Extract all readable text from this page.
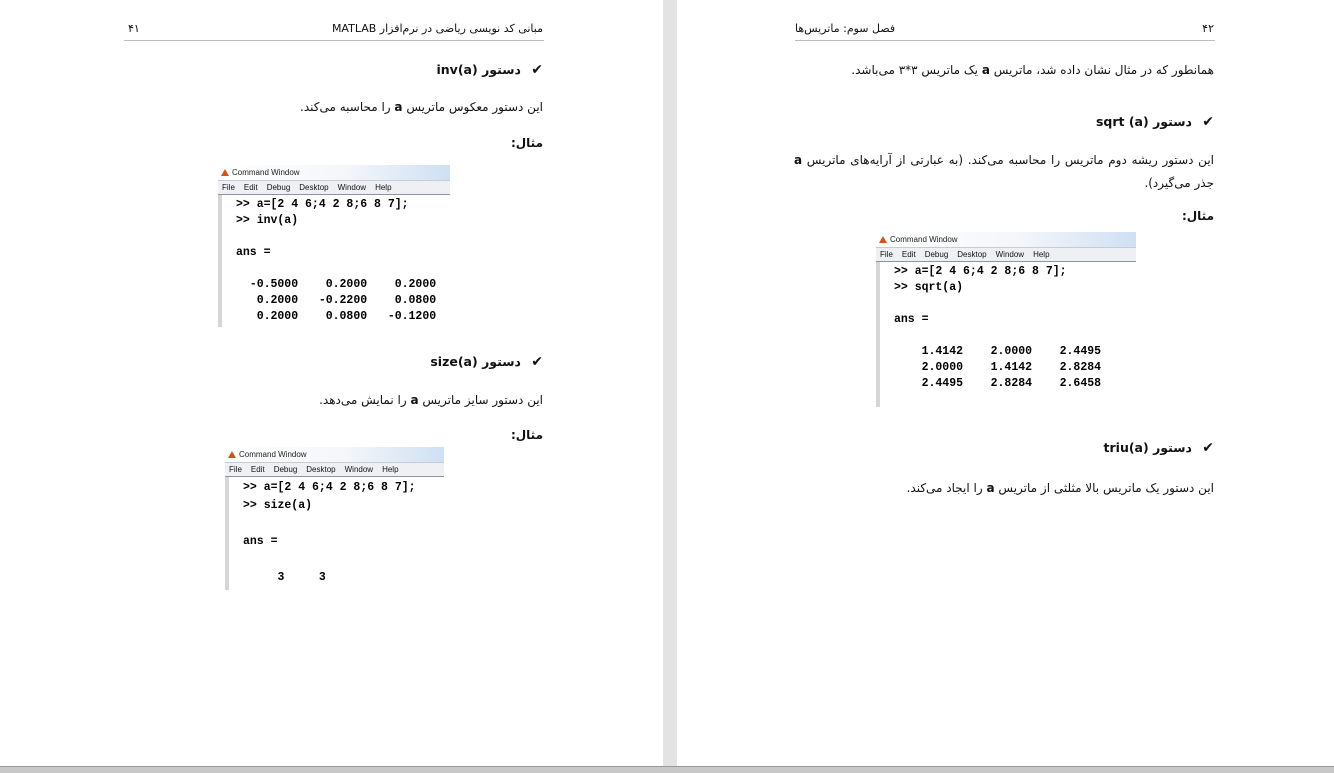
۴۱	مبانی کد نویسی ریاضی در نرم‌افزار MATLAB
inv(a) دستور ✔
این دستور معکوس ماتریس a را محاسبه می‌کند.
مثال:
Command Window
File Edit Debug Desktop Window Help
>> a=[2 4 6;4 2 8;6 8 7];
>> inv(a)

ans =

-0.5000    0.2000    0.2000
0.2000   -0.2200    0.0800
0.2000    0.0800   -0.1200
size(a) دستور ✔
این دستور سایز ماتریس a را نمایش می‌دهد.
مثال:
Command Window
File Edit Debug Desktop Window Help
>> a=[2 4 6;4 2 8;6 8 7];
>> size(a)

ans =

3     3
۴۲
فصل سوم: ماتریس‌ها
همانطور که در مثال نشان داده شد، ماتریس a یک ماتریس ۳*۳ می‌باشد.
sqrt (a) دستور ✔
این دستور ریشه دوم ماتریس را محاسبه می‌کند. (به عبارتی از آرایه‌های ماتریس a جذر می‌گیرد).
مثال:
Command Window
File Edit Debug Desktop Window Help
>> a=[2 4 6;4 2 8;6 8 7];
>> sqrt(a)

ans =

1.4142    2.0000    2.4495
2.0000    1.4142    2.8284
2.4495    2.8284    2.6458
triu(a) دستور ✔
این دستور یک ماتریس بالا مثلثی از ماتریس a را ایجاد می‌کند.
